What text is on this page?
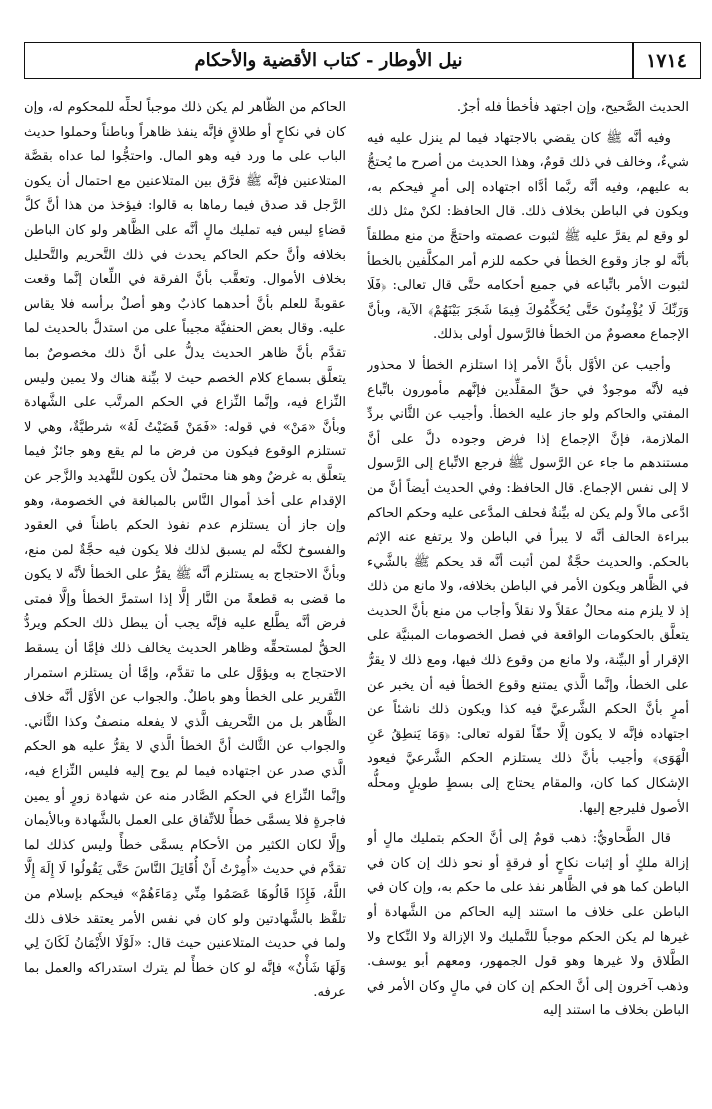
نيل الأوطار - كتاب الأقضية والأحكام	١٧١٤

الحديث الصَّحيح، وإن اجتهد فأخطأ فله أجرٌ.

وفيه أنَّه ﷺ كان يقضي بالاجتهاد فيما لم ينزل عليه فيه شيءٌ، وخالف في ذلك قومٌ، وهذا الحديث من أصرح ما يُحتجُّ به عليهم، وفيه أنَّه ربَّما أدَّاه اجتهاده إلى أمرٍ فيحكم به، ويكون في الباطن بخلاف ذلك. قال الحافظ: لكنْ مثل ذلك لو وقع لم يقرَّ عليه ﷺ لثبوت عصمته واحتجَّ من منع مطلقاً بأنَّه لو جاز وقوع الخطأ في حكمه للزم أمر المكلَّفين بالخطأ لثبوت الأمر باتِّباعه في جميع أحكامه حتَّى قال تعالى: ﴿فَلَا وَرَبِّكَ لَا يُؤْمِنُونَ حَتَّى يُحَكِّمُوكَ فِيمَا شَجَرَ بَيْنَهُمْ﴾ الآية، وبأنَّ الإجماع معصومٌ من الخطأ فالرَّسول أولى بذلك.

وأجيب عن الأوَّل بأنَّ الأمر إذا استلزم الخطأ لا محذور فيه لأنَّه موجودٌ في حقِّ المقلِّدين فإنَّهم مأمورون باتِّباع المفتي والحاكم ولو جاز عليه الخطأ. وأجيب عن الثَّاني بردِّ الملازمة، فإنَّ الإجماع إذا فرض وجوده دلَّ على أنَّ مستندهم ما جاء عن الرَّسول ﷺ فرجع الاتِّباع إلى الرَّسول لا إلى نفس الإجماع. قال الحافظ: وفي الحديث أيضاً أنَّ من ادَّعى مالاً ولم يكن له بيِّنةٌ فحلف المدَّعى عليه وحكم الحاكم ببراءة الحالف أنَّه لا يبرأ في الباطن ولا يرتفع عنه الإثم بالحكم. والحديث حجَّةٌ لمن أثبت أنَّه قد يحكم ﷺ بالشَّيء في الظَّاهر ويكون الأمر في الباطن بخلافه، ولا مانع من ذلك إذ لا يلزم منه محالٌ عقلاً ولا نقلاً وأجاب من منع بأنَّ الحديث يتعلَّق بالحكومات الواقعة في فصل الخصومات المبنيَّة على الإقرار أو البيِّنة، ولا مانع من وقوع ذلك فيها، ومع ذلك لا يقرُّ على الخطأ، وإنَّما الَّذي يمتنع وقوع الخطأ فيه أن يخبر عن أمرٍ بأنَّ الحكم الشَّرعيَّ فيه كذا ويكون ذلك ناشئاً عن اجتهاده فإنَّه لا يكون إلَّا حقّاً لقوله تعالى: ﴿وَمَا يَنطِقُ عَنِ الْهَوَى﴾ وأجيب بأنَّ ذلك يستلزم الحكم الشَّرعيَّ فيعود الإشكال كما كان، والمقام يحتاج إلى بسطٍ طويلٍ ومحلُّه الأصول فليرجع إليها.

قال الطَّحاويُّ: ذهب قومٌ إلى أنَّ الحكم بتمليك مالٍ أو إزالة ملكٍ أو إثبات نكاحٍ أو فرقةٍ أو نحو ذلك إن كان في الباطن كما هو في الظَّاهر نفذ على ما حكم به، وإن كان في الباطن على خلاف ما استند إليه الحاكم من الشَّهادة أو غيرها لم يكن الحكم موجباً للتَّمليك ولا الإزالة ولا النِّكاح ولا الطَّلاق ولا غيرها وهو قول الجمهور، ومعهم أبو يوسف. وذهب آخرون إلى أنَّ الحكم إن كان في مالٍ وكان الأمر في الباطن بخلاف ما استند إليه

الحاكم من الظَّاهر لم يكن ذلك موجباً لحلِّه للمحكوم له، وإن كان في نكاحٍ أو طلاقٍ فإنَّه ينفذ ظاهراً وباطناً وحملوا حديث الباب على ما ورد فيه وهو المال. واحتجُّوا لما عداه بقصَّة المتلاعنين فإنَّه ﷺ فرَّق بين المتلاعنين مع احتمال أن يكون الرَّجل قد صدق فيما رماها به قالوا: فيؤخذ من هذا أنَّ كلَّ قضاءٍ ليس فيه تمليك مالٍ أنَّه على الظَّاهر ولو كان الباطن بخلافه وأنَّ حكم الحاكم يحدث في ذلك التَّحريم والتَّحليل بخلاف الأموال. وتعقَّب بأنَّ الفرقة في اللِّعان إنَّما وقعت عقوبةً للعلم بأنَّ أحدهما كاذبٌ وهو أصلٌ برأسه فلا يقاس عليه. وقال بعض الحنفيَّة مجيباً على من استدلَّ بالحديث لما تقدَّم بأنَّ ظاهر الحديث يدلُّ على أنَّ ذلك مخصوصٌ بما يتعلَّق بسماع كلام الخصم حيث لا بيِّنة هناك ولا يمين وليس النِّزاع فيه، وإنَّما النِّزاع في الحكم المرتَّب على الشَّهادة وبأنَّ «مَنْ» في قوله: «فَمَنْ قَضَيْتُ لَهُ» شرطيَّةٌ، وهي لا تستلزم الوقوع فيكون من فرض ما لم يقع وهو جائزٌ فيما يتعلَّق به غرضٌ وهو هنا محتملٌ لأن يكون للتَّهديد والزَّجر عن الإقدام على أخذ أموال النَّاس بالمبالغة في الخصومة، وهو وإن جاز أن يستلزم عدم نفوذ الحكم باطناً في العقود والفسوخ لكنَّه لم يسبق لذلك فلا يكون فيه حجَّةٌ لمن منع، وبأنَّ الاحتجاج به يستلزم أنَّه ﷺ يقرُّ على الخطأ لأنَّه لا يكون ما قضى به قطعةً من النَّار إلَّا إذا استمرَّ الخطأ وإلَّا فمتى فرض أنَّه يطَّلع عليه فإنَّه يجب أن يبطل ذلك الحكم ويردُّ الحقُّ لمستحقِّه وظاهر الحديث يخالف ذلك فإمَّا أن يسقط الاحتجاج به ويؤوَّل على ما تقدَّم، وإمَّا أن يستلزم استمرار التَّقرير على الخطأ وهو باطلٌ. والجواب عن الأوَّل أنَّه خلاف الظَّاهر بل من التَّحريف الَّذي لا يفعله منصفٌ وكذا الثَّاني. والجواب عن الثَّالث أنَّ الخطأ الَّذي لا يقرُّ عليه هو الحكم الَّذي صدر عن اجتهاده فيما لم يوح إليه فليس النِّزاع فيه، وإنَّما النِّزاع في الحكم الصَّادر منه عن شهادة زورٍ أو يمين فاجرةٍ فلا يسمَّى خطأً للاتِّفاق على العمل بالشَّهادة وبالأيمان وإلَّا لكان الكثير من الأحكام يسمَّى خطأً وليس كذلك لما تقدَّم في حديث «أُمِرْتُ أَنْ أُقَاتِلَ النَّاسَ حَتَّى يَقُولُوا لَا إِلَهَ إِلَّا اللَّهُ، فَإِذَا قَالُوهَا عَصَمُوا مِنِّي دِمَاءَهُمْ» فيحكم بإسلام من تلفَّظ بالشَّهادتين ولو كان في نفس الأمر يعتقد خلاف ذلك ولما في حديث المتلاعنين حيث قال: «لَوْلَا الأَيْمَانُ لَكَانَ لِي وَلَهَا شَأْنٌ» فإنَّه لو كان خطأً لم يترك استدراكه والعمل بما عرفه.
